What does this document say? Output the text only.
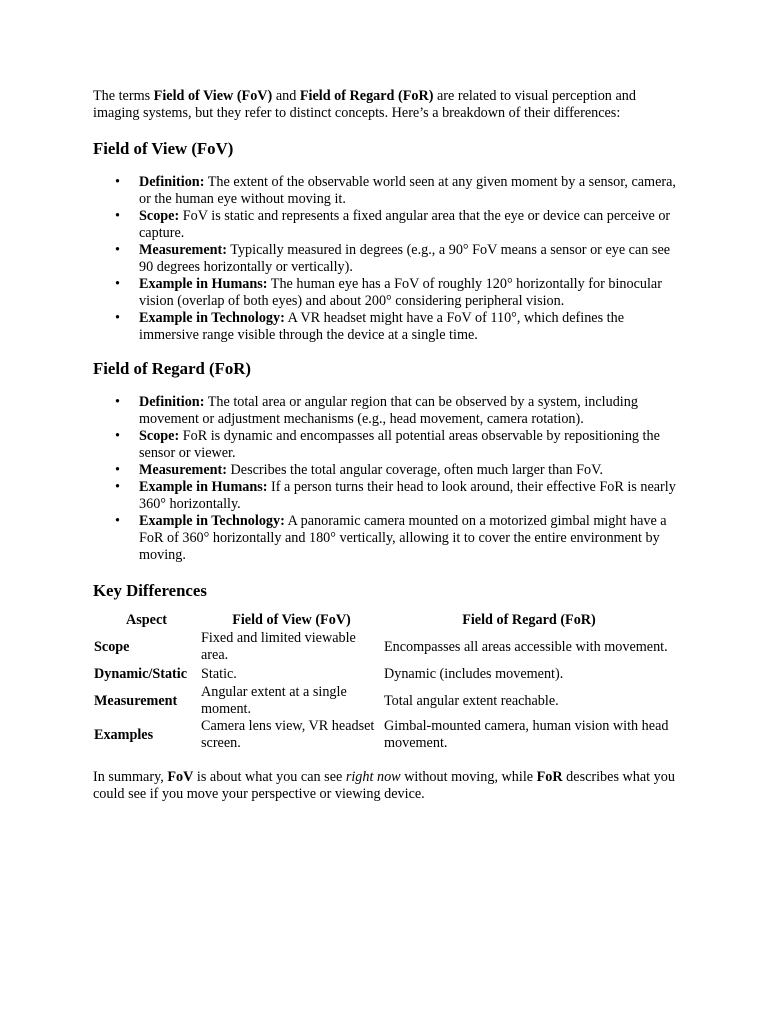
The terms Field of View (FoV) and Field of Regard (FoR) are related to visual perception and imaging systems, but they refer to distinct concepts. Here’s a breakdown of their differences:

Field of View (FoV)
• Definition: The extent of the observable world seen at any given moment by a sensor, camera, or the human eye without moving it.
• Scope: FoV is static and represents a fixed angular area that the eye or device can perceive or capture.
• Measurement: Typically measured in degrees (e.g., a 90° FoV means a sensor or eye can see 90 degrees horizontally or vertically).
• Example in Humans: The human eye has a FoV of roughly 120° horizontally for binocular vision (overlap of both eyes) and about 200° considering peripheral vision.
• Example in Technology: A VR headset might have a FoV of 110°, which defines the immersive range visible through the device at a single time.
Field of Regard (FoR)
• Definition: The total area or angular region that can be observed by a system, including movement or adjustment mechanisms (e.g., head movement, camera rotation).
• Scope: FoR is dynamic and encompasses all potential areas observable by repositioning the sensor or viewer.
• Measurement: Describes the total angular coverage, often much larger than FoV.
• Example in Humans: If a person turns their head to look around, their effective FoR is nearly 360° horizontally.
• Example in Technology: A panoramic camera mounted on a motorized gimbal might have a FoR of 360° horizontally and 180° vertically, allowing it to cover the entire environment by moving.
Key Differences
Aspect	Field of View (FoV)	Field of Regard (FoR)
Scope	Fixed and limited viewable area.	Encompasses all areas accessible with movement.
Dynamic/Static	Static.	Dynamic (includes movement).
Measurement	Angular extent at a single moment.	Total angular extent reachable.
Examples	Camera lens view, VR headset screen.	Gimbal-mounted camera, human vision with head movement.

In summary, FoV is about what you can see right now without moving, while FoR describes what you could see if you move your perspective or viewing device.
